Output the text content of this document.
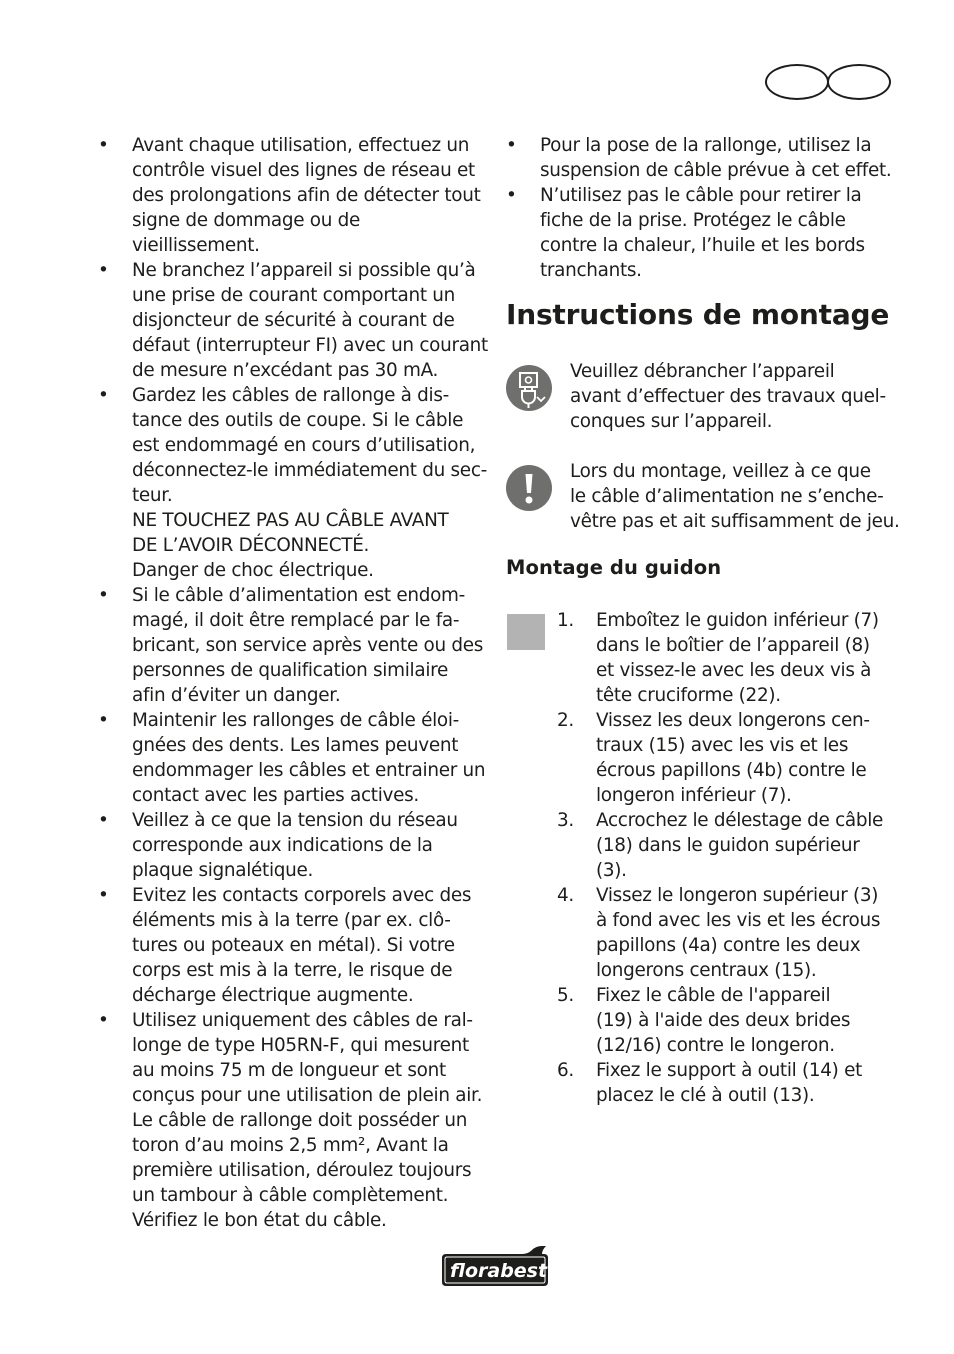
• Avant chaque utilisation, effectuez un
contrôle visuel des lignes de réseau et
des prolongations afin de détecter tout
signe de dommage ou de vieillissement.
• Ne branchez l’appareil si possible qu’à
une prise de courant comportant un
disjoncteur de sécurité à courant de
défaut (interrupteur FI) avec un courant
de mesure n’excédant pas 30 mA.
• Gardez les câbles de rallonge à dis-
tance des outils de coupe. Si le câble
est endommagé en cours d’utilisation,
déconnectez-le immédiatement du sec-
teur.
NE TOUCHEZ PAS AU CÂBLE AVANT
DE L’AVOIR DÉCONNECTÉ.
Danger de choc électrique.
• Si le câble d’alimentation est endom-
magé, il doit être remplacé par le fa-
bricant, son service après vente ou des
personnes de qualification similaire
afin d’éviter un danger.
• Maintenir les rallonges de câble éloi-
gnées des dents. Les lames peuvent
endommager les câbles et entrainer un
contact avec les parties actives.
• Veillez à ce que la tension du réseau
corresponde aux indications de la
plaque signalétique.
• Evitez les contacts corporels avec des
éléments mis à la terre (par ex. clô-
tures ou poteaux en métal). Si votre
corps est mis à la terre, le risque de
décharge électrique augmente.
• Utilisez uniquement des câbles de ral-
longe de type H05RN-F, qui mesurent
au moins 75 m de longueur et sont
conçus pour une utilisation de plein air.
Le câble de rallonge doit posséder un
toron d’au moins 2,5 mm², Avant la
première utilisation, déroulez toujours
un tambour à câble complètement.
Vérifiez le bon état du câble.
• Pour la pose de la rallonge, utilisez la
suspension de câble prévue à cet effet.
• N’utilisez pas le câble pour retirer la
fiche de la prise. Protégez le câble
contre la chaleur, l’huile et les bords
tranchants.
Instructions de montage
Veuillez débrancher l’appareil
avant d’effectuer des travaux quel-
conques sur l’appareil.
Lors du montage, veillez à ce que
le câble d’alimentation ne s’enche-
vêtre pas et ait suffisamment de jeu.
Montage du guidon
1. Emboîtez le guidon inférieur (7)
dans le boîtier de l’appareil (8)
et vissez-le avec les deux vis à
tête cruciforme (22).
2. Vissez les deux longerons cen-
traux (15) avec les vis et les
écrous papillons (4b) contre le
longeron inférieur (7).
3. Accrochez le délestage de câble
(18) dans le guidon supérieur
(3).
4. Vissez le longeron supérieur (3)
à fond avec les vis et les écrous
papillons (4a) contre les deux
longerons centraux (15).
5. Fixez le câble de l'appareil
(19) à l'aide des deux brides
(12/16) contre le longeron.
6. Fixez le support à outil (14) et
placez le clé à outil (13).
florabest
